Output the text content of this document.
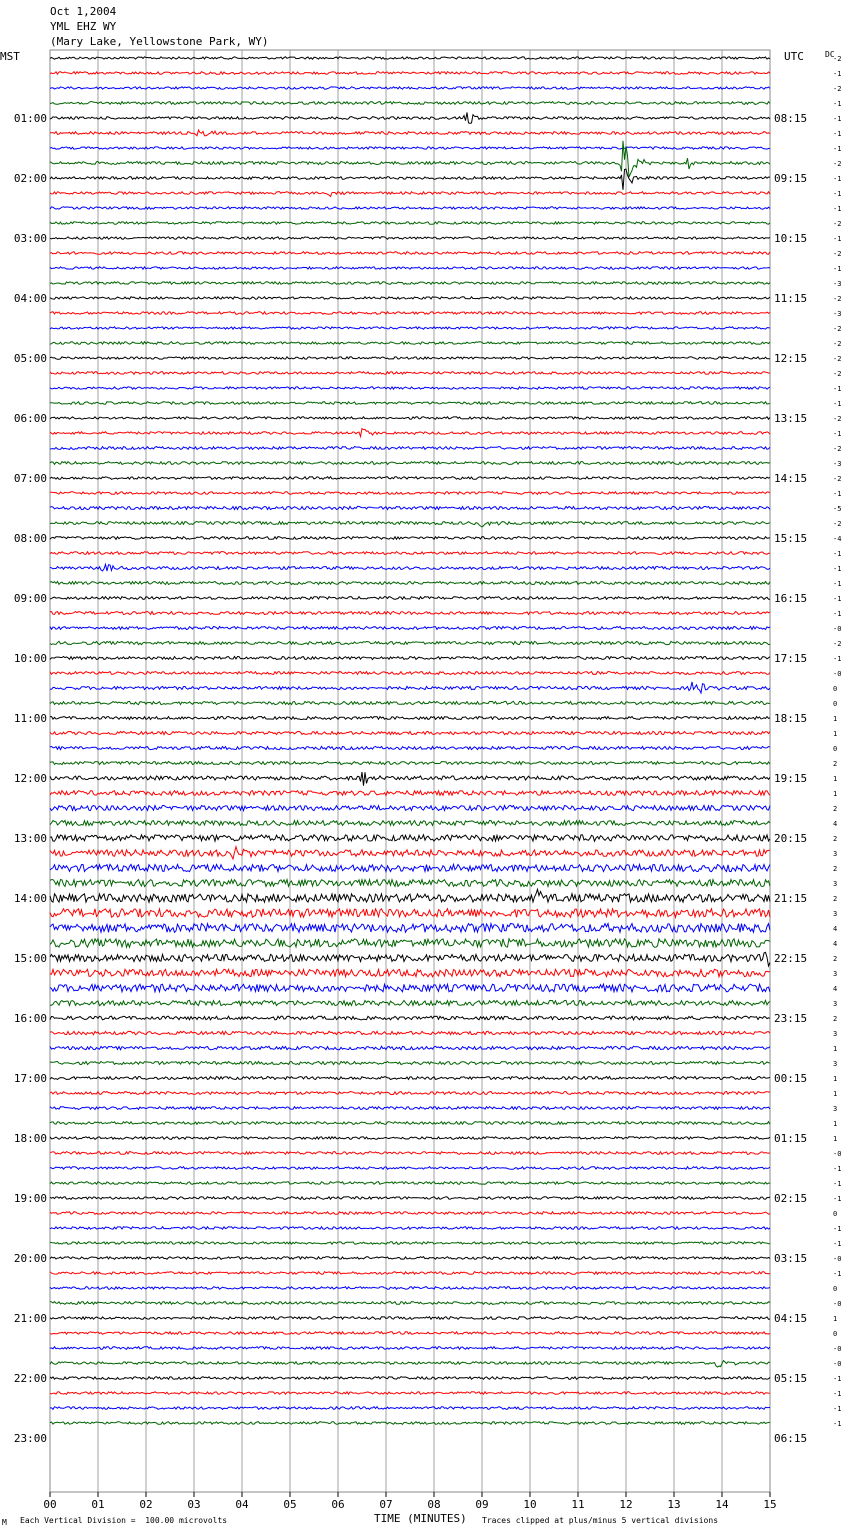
Oct 1,2004
YML EHZ WY
(Mary Lake, Yellowstone Park, WY)
MST	UTC	DC
-2
-1
-2
-1
-1
-1
-1
-2
-1
-1
-1
-2
-1
-2
-1
-3
-2
-3
-2
-2
-2
-2
-1
-1
-2
-1
-2
-3
-2
-1
-5
-2
-4
-1
-1
-1
-1
-1
-0
-2
-1
-0
0
0
1
1
0
2
1
1
2
4
2
3
2
3
2
3
4
4
2
3
4
3
2
3
1
3
1
1
3
1
1
-0
-1
-1
-1
0
-1
-1
-0
-1
0
-0
1
0
-0
-0
-1
-1
-1
-1
01:00
02:00
03:00
04:00
05:00
06:00
07:00
08:00
09:00
10:00
11:00
12:00
13:00
14:00
15:00
16:00
17:00
18:00
19:00
20:00
21:00
22:00
23:00
08:15
09:15
10:15
11:15
12:15
13:15
14:15
15:15
16:15
17:15
18:15
19:15
20:15
21:15
22:15
23:15
00:15
01:15
02:15
03:15
04:15
05:15
06:15
00	01	02	03	04	05	06	07	08	09	10	11	12	13	14	15
M Each Vertical Division =  100.00 microvolts	TIME (MINUTES) Traces clipped at plus/minus 5 vertical divisions
